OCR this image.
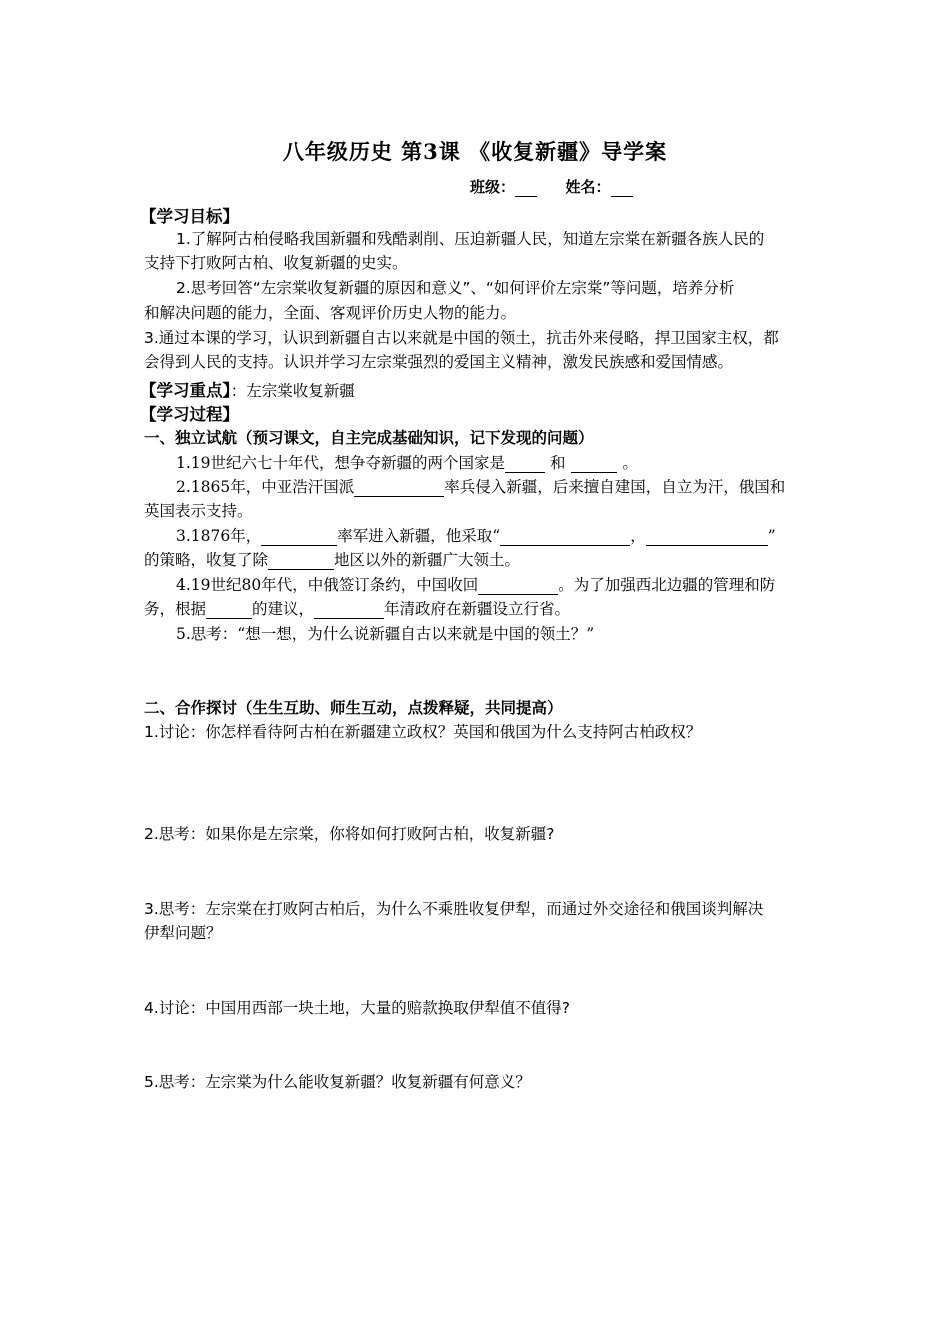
八年级历史 第3课 《收复新疆》导学案
班级：	姓名：
【学习目标】
1.了解阿古柏侵略我国新疆和残酷剥削、压迫新疆人民，知道左宗棠在新疆各族人民的
支持下打败阿古柏、收复新疆的史实。
2.思考回答“左宗棠收复新疆的原因和意义”、“如何评价左宗棠”等问题，培养分析
和解决问题的能力，全面、客观评价历史人物的能力。
3.通过本课的学习，认识到新疆自古以来就是中国的领土，抗击外来侵略，捍卫国家主权，都
会得到人民的支持。认识并学习左宗棠强烈的爱国主义精神，激发民族感和爱国情感。
【学习重点】：左宗棠收复新疆
【学习过程】
一、独立试航（预习课文，自主完成基础知识，记下发现的问题）
1.19世纪六七十年代，想争夺新疆的两个国家是	和	。
2.1865年，中亚浩汗国派	率兵侵入新疆，后来擅自建国，自立为汗，俄国和
英国表示支持。
3.1876年，	率军进入新疆，他采取“	，	”
的策略，收复了除	地区以外的新疆广大领土。
4.19世纪80年代，中俄签订条约，中国收回	。为了加强西北边疆的管理和防
务，根据	的建议，	年清政府在新疆设立行省。
5.思考：“想一想，为什么说新疆自古以来就是中国的领土？”
二、合作探讨（生生互助、师生互动，点拨释疑，共同提高）
1.讨论：你怎样看待阿古柏在新疆建立政权？英国和俄国为什么支持阿古柏政权？
2.思考：如果你是左宗棠，你将如何打败阿古柏，收复新疆?
3.思考：左宗棠在打败阿古柏后，为什么不乘胜收复伊犁，而通过外交途径和俄国谈判解决
伊犁问题？
4.讨论：中国用西部一块土地，大量的赔款换取伊犁值不值得?
5.思考：左宗棠为什么能收复新疆？收复新疆有何意义？
